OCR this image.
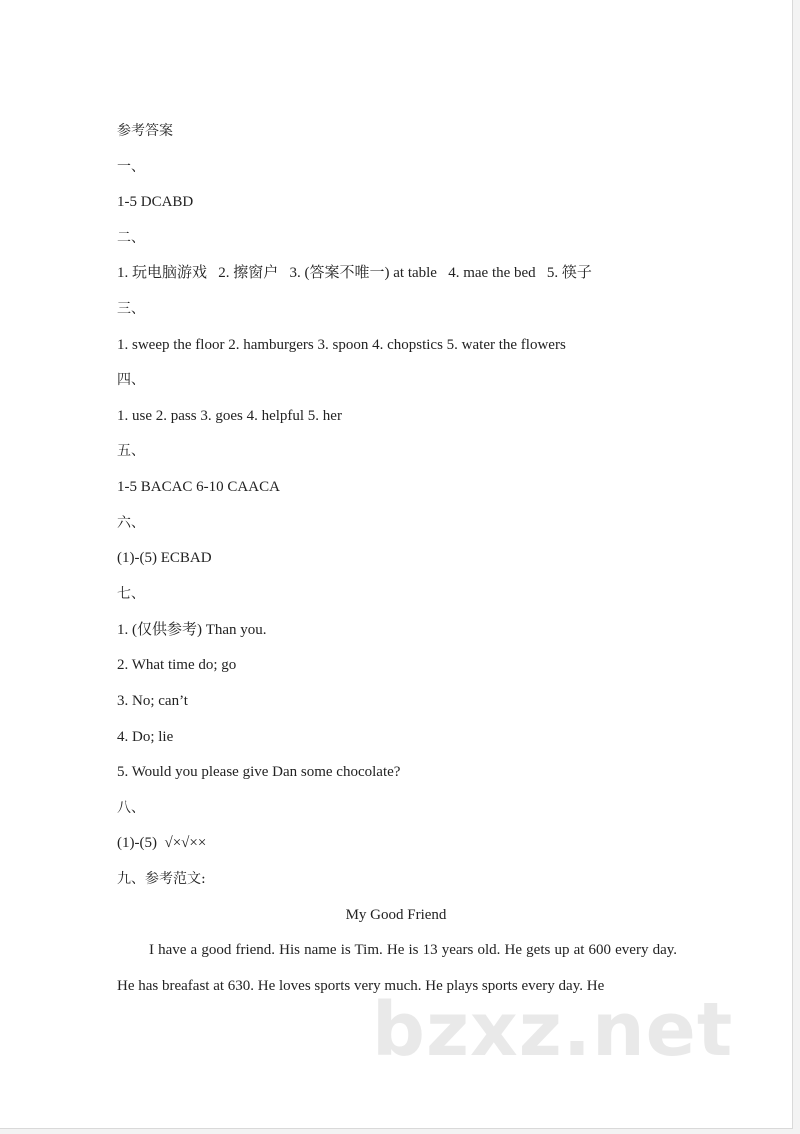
参考答案
一、
1-5 DCABD
二、
1. 玩电脑游戏   2. 擦窗户   3. (答案不唯一) at table   4. mae the bed   5. 筷子
三、
1. sweep the floor 2. hamburgers 3. spoon 4. chopstics 5. water the flowers
四、
1. use 2. pass 3. goes 4. helpful 5. her
五、
1-5 BACAC 6-10 CAACA
六、
(1)-(5) ECBAD
七、
1. (仅供参考) Than you.
2. What time do; go
3. No; can’t
4. Do; lie
5. Would you please give Dan some chocolate?
八、
(1)-(5)  √×√××
九、参考范文:
My Good Friend
I have a good friend. His name is Tim. He is 13 years old. He gets up at 600 every day. He has breafast at 630. He loves sports very much. He plays sports every day. He
bzxz.net
